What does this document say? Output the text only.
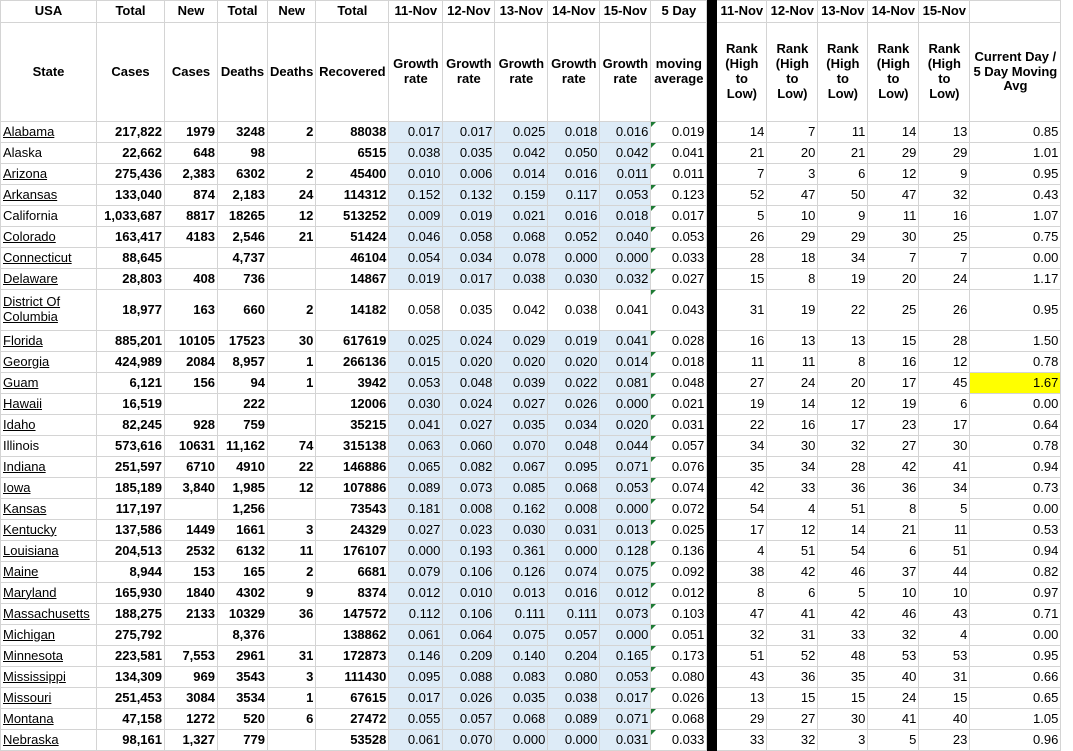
USA	Total	New	Total	New	Total	11-Nov	12-Nov	13-Nov	14-Nov	15-Nov	5 Day		11-Nov	12-Nov	13-Nov	14-Nov	15-Nov	
State	Cases	Cases	Deaths	Deaths	Recovered	Growth rate	Growth rate	Growth rate	Growth rate	Growth rate	moving average		Rank (High to Low)	Rank (High to Low)	Rank (High to Low)	Rank (High to Low)	Rank (High to Low)	Current Day / 5 Day Moving Avg
Alabama	217,822	1979	3248	2	88038	0.017	0.017	0.025	0.018	0.016	0.019		14	7	11	14	13	0.85
Alaska	22,662	648	98		6515	0.038	0.035	0.042	0.050	0.042	0.041		21	20	21	29	29	1.01
Arizona	275,436	2,383	6302	2	45400	0.010	0.006	0.014	0.016	0.011	0.011		7	3	6	12	9	0.95
Arkansas	133,040	874	2,183	24	114312	0.152	0.132	0.159	0.117	0.053	0.123		52	47	50	47	32	0.43
California	1,033,687	8817	18265	12	513252	0.009	0.019	0.021	0.016	0.018	0.017		5	10	9	11	16	1.07
Colorado	163,417	4183	2,546	21	51424	0.046	0.058	0.068	0.052	0.040	0.053		26	29	29	30	25	0.75
Connecticut	88,645		4,737		46104	0.054	0.034	0.078	0.000	0.000	0.033		28	18	34	7	7	0.00
Delaware	28,803	408	736		14867	0.019	0.017	0.038	0.030	0.032	0.027		15	8	19	20	24	1.17
District Of Columbia	18,977	163	660	2	14182	0.058	0.035	0.042	0.038	0.041	0.043		31	19	22	25	26	0.95
Florida	885,201	10105	17523	30	617619	0.025	0.024	0.029	0.019	0.041	0.028		16	13	13	15	28	1.50
Georgia	424,989	2084	8,957	1	266136	0.015	0.020	0.020	0.020	0.014	0.018		11	11	8	16	12	0.78
Guam	6,121	156	94	1	3942	0.053	0.048	0.039	0.022	0.081	0.048		27	24	20	17	45	1.67
Hawaii	16,519		222		12006	0.030	0.024	0.027	0.026	0.000	0.021		19	14	12	19	6	0.00
Idaho	82,245	928	759		35215	0.041	0.027	0.035	0.034	0.020	0.031		22	16	17	23	17	0.64
Illinois	573,616	10631	11,162	74	315138	0.063	0.060	0.070	0.048	0.044	0.057		34	30	32	27	30	0.78
Indiana	251,597	6710	4910	22	146886	0.065	0.082	0.067	0.095	0.071	0.076		35	34	28	42	41	0.94
Iowa	185,189	3,840	1,985	12	107886	0.089	0.073	0.085	0.068	0.053	0.074		42	33	36	36	34	0.73
Kansas	117,197		1,256		73543	0.181	0.008	0.162	0.008	0.000	0.072		54	4	51	8	5	0.00
Kentucky	137,586	1449	1661	3	24329	0.027	0.023	0.030	0.031	0.013	0.025		17	12	14	21	11	0.53
Louisiana	204,513	2532	6132	11	176107	0.000	0.193	0.361	0.000	0.128	0.136		4	51	54	6	51	0.94
Maine	8,944	153	165	2	6681	0.079	0.106	0.126	0.074	0.075	0.092		38	42	46	37	44	0.82
Maryland	165,930	1840	4302	9	8374	0.012	0.010	0.013	0.016	0.012	0.012		8	6	5	10	10	0.97
Massachusetts	188,275	2133	10329	36	147572	0.112	0.106	0.111	0.111	0.073	0.103		47	41	42	46	43	0.71
Michigan	275,792		8,376		138862	0.061	0.064	0.075	0.057	0.000	0.051		32	31	33	32	4	0.00
Minnesota	223,581	7,553	2961	31	172873	0.146	0.209	0.140	0.204	0.165	0.173		51	52	48	53	53	0.95
Mississippi	134,309	969	3543	3	111430	0.095	0.088	0.083	0.080	0.053	0.080		43	36	35	40	31	0.66
Missouri	251,453	3084	3534	1	67615	0.017	0.026	0.035	0.038	0.017	0.026		13	15	15	24	15	0.65
Montana	47,158	1272	520	6	27472	0.055	0.057	0.068	0.089	0.071	0.068		29	27	30	41	40	1.05
Nebraska	98,161	1,327	779		53528	0.061	0.070	0.000	0.000	0.031	0.033		33	32	3	5	23	0.96
